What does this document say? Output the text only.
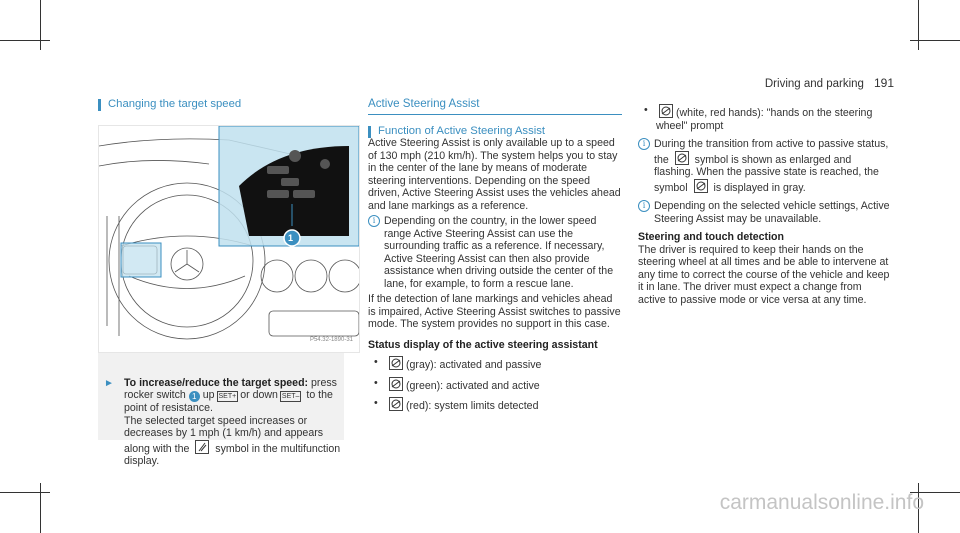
Driving and parking 191
Changing the target speed
1
P54.32-1890-31
► To increase/reduce the target speed: press rocker switch 1 up SET+ or down SET– to the point of resistance.
The selected target speed increases or decreases by 1 mph (1 km/h) and appears along with the symbol in the multifunction display.
Active Steering Assist
Function of Active Steering Assist
Active Steering Assist is only available up to a speed of 130 mph (210 km/h). The system helps you to stay in the center of the lane by means of moderate steering interventions. Depending on the speed driven, Active Steering Assist uses the vehicles ahead and lane markings as a reference.
i Depending on the country, in the lower speed range Active Steering Assist can use the surrounding traffic as a reference. If necessary, Active Steering Assist can then also provide assistance when driving outside the center of the lane, for example, to form a rescue lane.
If the detection of lane markings and vehicles ahead is impaired, Active Steering Assist switches to passive mode. The system provides no support in this case.
Status display of the active steering assistant
• (gray): activated and passive
• (green): activated and active
• (red): system limits detected
• (white, red hands): "hands on the steering wheel" prompt
i During the transition from active to passive status, the symbol is shown as enlarged and flashing. When the passive state is reached, the symbol is displayed in gray.
i Depending on the selected vehicle settings, Active Steering Assist may be unavailable.
Steering and touch detection
The driver is required to keep their hands on the steering wheel at all times and be able to intervene at any time to correct the course of the vehicle and keep it in lane. The driver must expect a change from active to passive mode or vice versa at any time.
carmanualsonline.info
